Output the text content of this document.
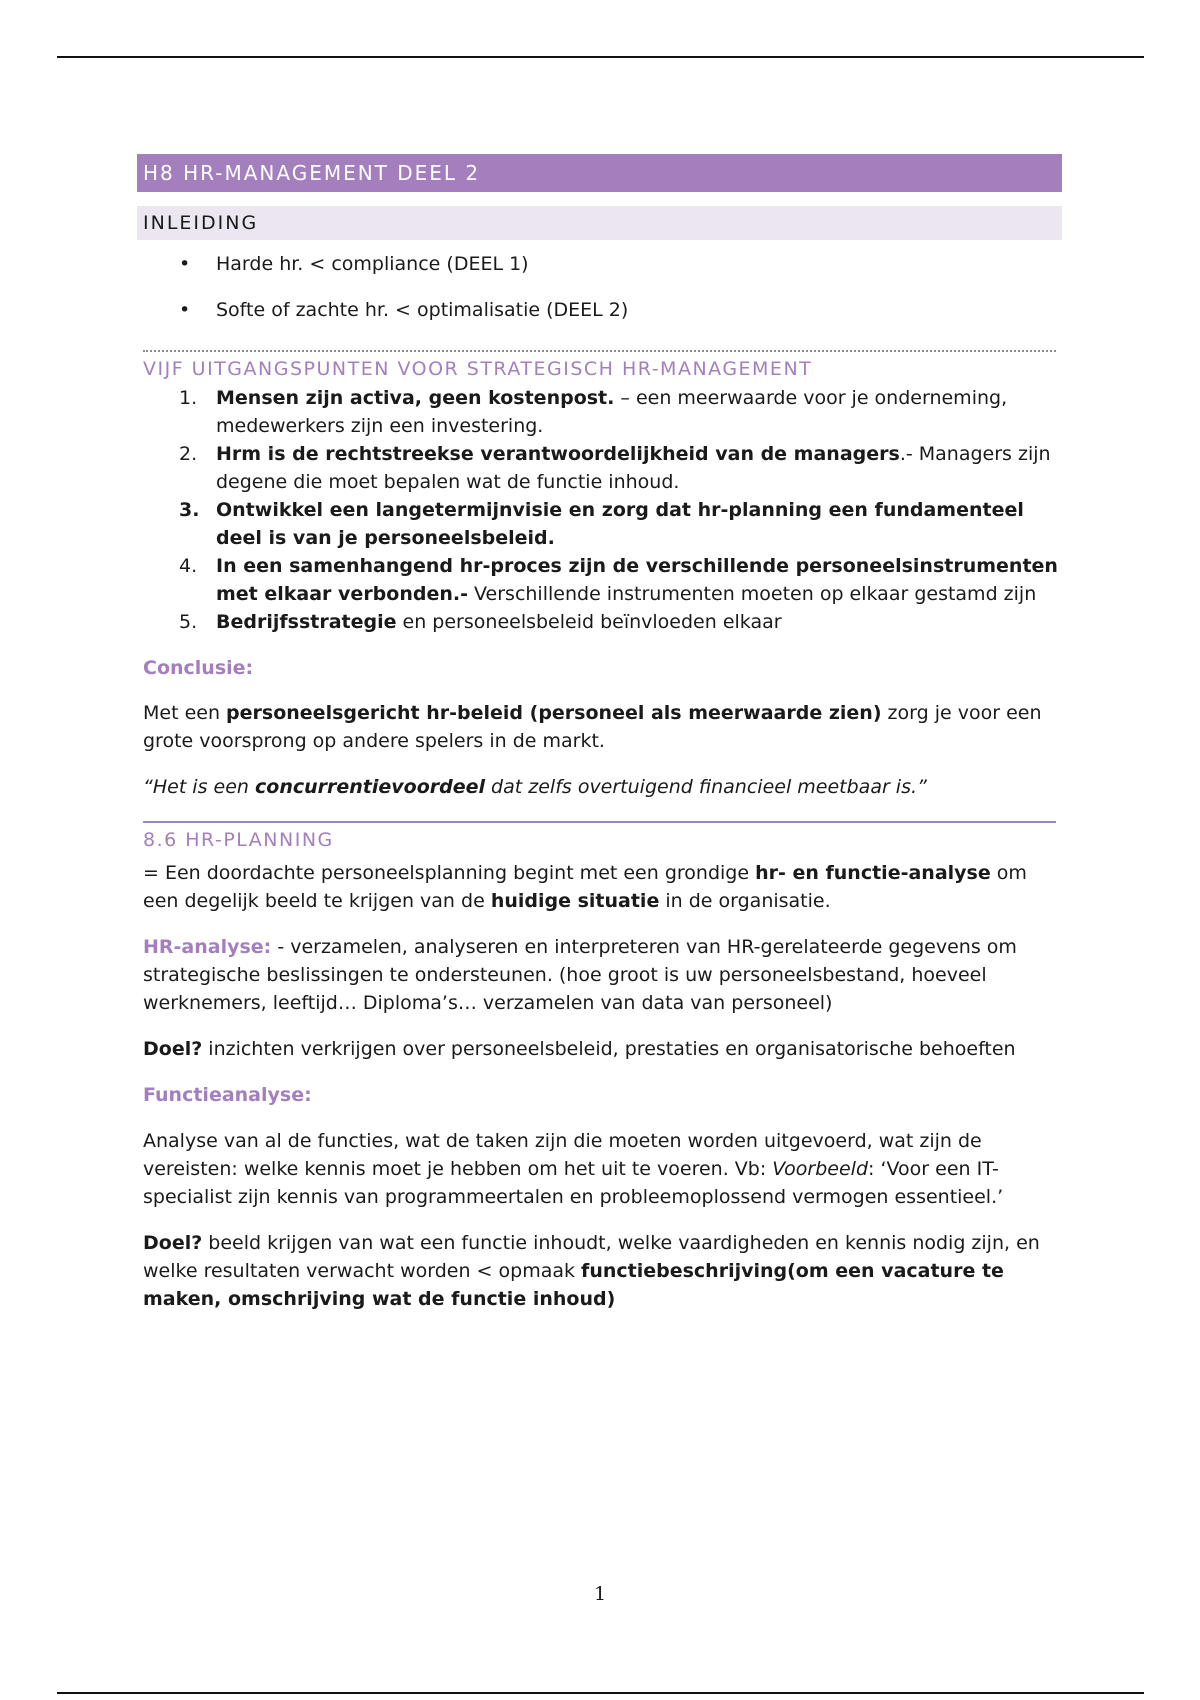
H8 HR-MANAGEMENT DEEL 2
INLEIDING
• Harde hr. < compliance (DEEL 1)
• Softe of zachte hr. < optimalisatie (DEEL 2)
VIJF UITGANGSPUNTEN VOOR STRATEGISCH HR-MANAGEMENT
1. Mensen zijn activa, geen kostenpost. – een meerwaarde voor je onderneming, medewerkers zijn een investering.
2. Hrm is de rechtstreekse verantwoordelijkheid van de managers.- Managers zijn degene die moet bepalen wat de functie inhoud.
3. Ontwikkel een langetermijnvisie en zorg dat hr-planning een fundamenteel deel is van je personeelsbeleid.
4. In een samenhangend hr-proces zijn de verschillende personeelsinstrumenten met elkaar verbonden.- Verschillende instrumenten moeten op elkaar gestamd zijn
5. Bedrijfsstrategie en personeelsbeleid beïnvloeden elkaar

Conclusie:

Met een personeelsgericht hr-beleid (personeel als meerwaarde zien) zorg je voor een grote voorsprong op andere spelers in de markt.

“Het is een concurrentievoordeel dat zelfs overtuigend financieel meetbaar is.”

8.6 HR-PLANNING

= Een doordachte personeelsplanning begint met een grondige hr- en functie-analyse om een degelijk beeld te krijgen van de huidige situatie in de organisatie.

HR-analyse: - verzamelen, analyseren en interpreteren van HR-gerelateerde gegevens om strategische beslissingen te ondersteunen. (hoe groot is uw personeelsbestand, hoeveel werknemers, leeftijd… Diploma’s… verzamelen van data van personeel)

Doel? inzichten verkrijgen over personeelsbeleid, prestaties en organisatorische behoeften

Functieanalyse:

Analyse van al de functies, wat de taken zijn die moeten worden uitgevoerd, wat zijn de vereisten: welke kennis moet je hebben om het uit te voeren. Vb: Voorbeeld: ‘Voor een IT-specialist zijn kennis van programmeertalen en probleemoplossend vermogen essentieel.’

Doel? beeld krijgen van wat een functie inhoudt, welke vaardigheden en kennis nodig zijn, en welke resultaten verwacht worden < opmaak functiebeschrijving(om een vacature te maken, omschrijving wat de functie inhoud)

1
